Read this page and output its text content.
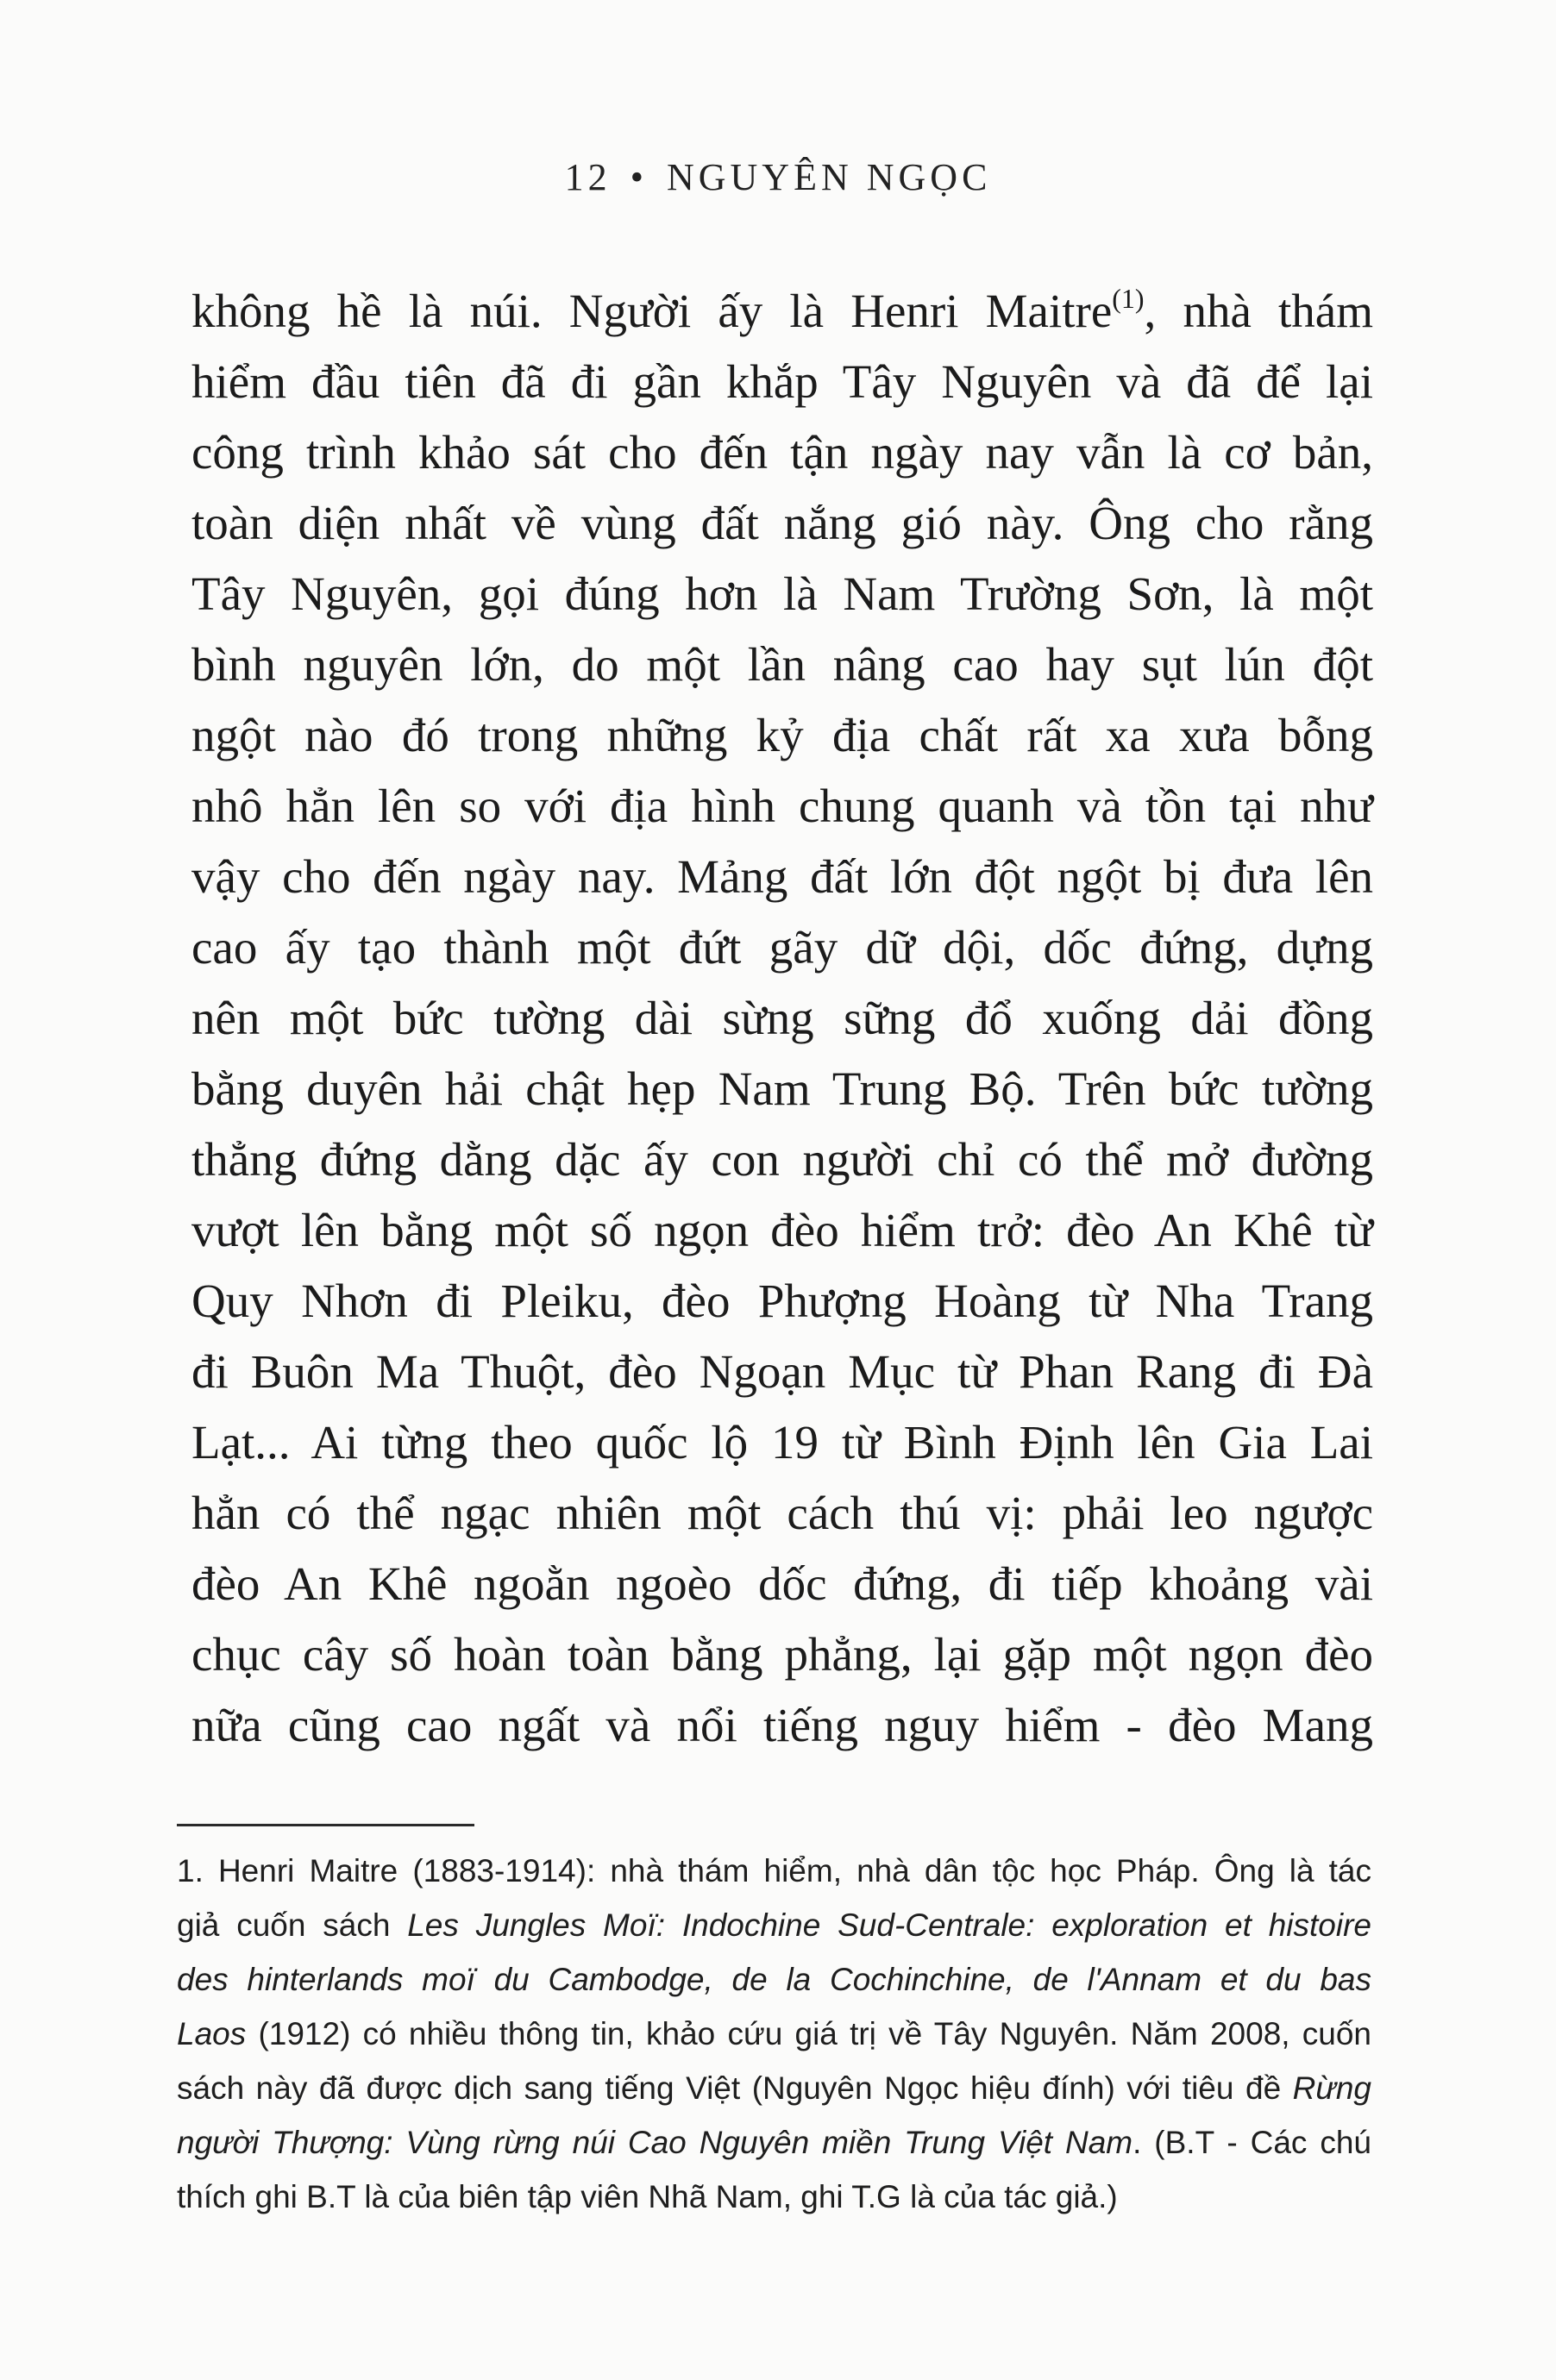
12 • NGUYÊN NGỌC
không hề là núi. Người ấy là Henri Maitre$^{(1)}$, nhà thám
hiểm đầu tiên đã đi gần khắp Tây Nguyên và đã để lại
công trình khảo sát cho đến tận ngày nay vẫn là cơ bản,
toàn diện nhất về vùng đất nắng gió này. Ông cho rằng
Tây Nguyên, gọi đúng hơn là Nam Trường Sơn, là một
bình nguyên lớn, do một lần nâng cao hay sụt lún đột
ngột nào đó trong những kỷ địa chất rất xa xưa bỗng
nhô hẳn lên so với địa hình chung quanh và tồn tại như
vậy cho đến ngày nay. Mảng đất lớn đột ngột bị đưa lên
cao ấy tạo thành một đứt gãy dữ dội, dốc đứng, dựng
nên một bức tường dài sừng sững đổ xuống dải đồng
bằng duyên hải chật hẹp Nam Trung Bộ. Trên bức tường
thẳng đứng dằng dặc ấy con người chỉ có thể mở đường
vượt lên bằng một số ngọn đèo hiểm trở: đèo An Khê từ
Quy Nhơn đi Pleiku, đèo Phượng Hoàng từ Nha Trang
đi Buôn Ma Thuột, đèo Ngoạn Mục từ Phan Rang đi Đà
Lạt... Ai từng theo quốc lộ 19 từ Bình Định lên Gia Lai
hẳn có thể ngạc nhiên một cách thú vị: phải leo ngược
đèo An Khê ngoằn ngoèo dốc đứng, đi tiếp khoảng vài
chục cây số hoàn toàn bằng phẳng, lại gặp một ngọn đèo
nữa cũng cao ngất và nổi tiếng nguy hiểm - đèo Mang
1. Henri Maitre (1883-1914): nhà thám hiểm, nhà dân tộc học Pháp. Ông là tác
giả cuốn sách Les Jungles Moï: Indochine Sud-Centrale: exploration et histoire
des hinterlands moï du Cambodge, de la Cochinchine, de l'Annam et du bas
Laos (1912) có nhiều thông tin, khảo cứu giá trị về Tây Nguyên. Năm 2008, cuốn
sách này đã được dịch sang tiếng Việt (Nguyên Ngọc hiệu đính) với tiêu đề Rừng
người Thượng: Vùng rừng núi Cao Nguyên miền Trung Việt Nam. (B.T - Các chú
thích ghi B.T là của biên tập viên Nhã Nam, ghi T.G là của tác giả.)
